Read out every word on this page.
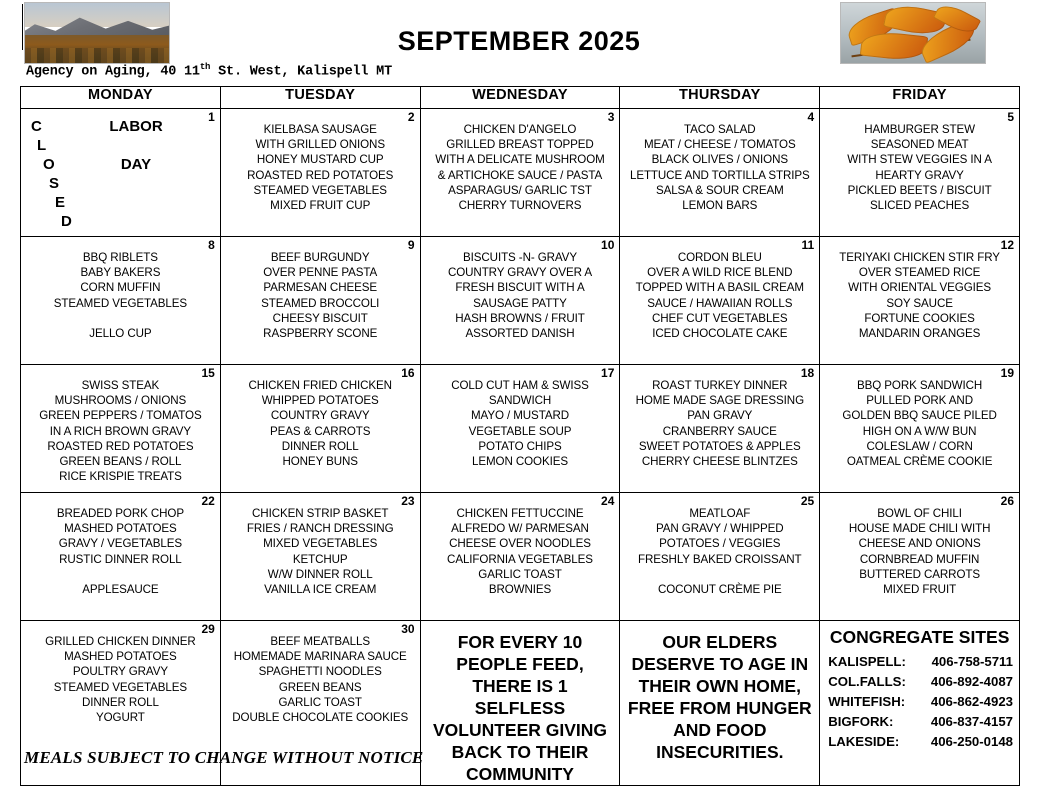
SEPTEMBER 2025
Agency on Aging, 40 11th St. West, Kalispell MT
MONDAY	TUESDAY	WEDNESDAY	THURSDAY	FRIDAY

1
C
L
O
S
E
D
LABOR
DAY

2
KIELBASA SAUSAGE
WITH GRILLED ONIONS
HONEY MUSTARD CUP
ROASTED RED POTATOES
STEAMED VEGETABLES
MIXED FRUIT CUP

3
CHICKEN D'ANGELO
GRILLED BREAST TOPPED
WITH A DELICATE MUSHROOM
& ARTICHOKE SAUCE / PASTA
ASPARAGUS/ GARLIC TST
CHERRY TURNOVERS

4
TACO SALAD
MEAT / CHEESE / TOMATOS
BLACK OLIVES / ONIONS
LETTUCE AND TORTILLA STRIPS
SALSA & SOUR CREAM
LEMON BARS

5
HAMBURGER STEW
SEASONED MEAT
WITH STEW VEGGIES IN A
HEARTY GRAVY
PICKLED BEETS / BISCUIT
SLICED PEACHES

8
BBQ RIBLETS
BABY BAKERS
CORN MUFFIN
STEAMED VEGETABLES

JELLO CUP

9
BEEF BURGUNDY
OVER PENNE PASTA
PARMESAN CHEESE
STEAMED BROCCOLI
CHEESY BISCUIT
RASPBERRY SCONE

10
BISCUITS -N- GRAVY
COUNTRY GRAVY OVER A
FRESH BISCUIT WITH A
SAUSAGE PATTY
HASH BROWNS / FRUIT
ASSORTED DANISH

11
CORDON BLEU
OVER A WILD RICE BLEND
TOPPED WITH A BASIL CREAM
SAUCE / HAWAIIAN ROLLS
CHEF CUT VEGETABLES
ICED CHOCOLATE CAKE

12
TERIYAKI CHICKEN STIR FRY
OVER STEAMED RICE
WITH ORIENTAL VEGGIES
SOY SAUCE
FORTUNE COOKIES
MANDARIN ORANGES

15
SWISS STEAK
MUSHROOMS / ONIONS
GREEN PEPPERS / TOMATOS
IN A RICH BROWN GRAVY
ROASTED RED POTATOES
GREEN BEANS / ROLL
RICE KRISPIE TREATS

16
CHICKEN FRIED CHICKEN
WHIPPED POTATOES
COUNTRY GRAVY
PEAS & CARROTS
DINNER ROLL
HONEY BUNS

17
COLD CUT HAM & SWISS
SANDWICH
MAYO / MUSTARD
VEGETABLE SOUP
POTATO CHIPS
LEMON COOKIES

18
ROAST TURKEY DINNER
HOME MADE SAGE DRESSING
PAN GRAVY
CRANBERRY SAUCE
SWEET POTATOES & APPLES
CHERRY CHEESE BLINTZES

19
BBQ PORK SANDWICH
PULLED PORK AND
GOLDEN BBQ SAUCE PILED
HIGH ON A W/W BUN
COLESLAW / CORN
OATMEAL CRÈME COOKIE

22
BREADED PORK CHOP
MASHED POTATOES
GRAVY / VEGETABLES
RUSTIC DINNER ROLL

APPLESAUCE

23
CHICKEN STRIP BASKET
FRIES / RANCH DRESSING
MIXED VEGETABLES
KETCHUP
W/W DINNER ROLL
VANILLA ICE CREAM

24
CHICKEN FETTUCCINE
ALFREDO W/ PARMESAN
CHEESE OVER NOODLES
CALIFORNIA VEGETABLES
GARLIC TOAST
BROWNIES

25
MEATLOAF
PAN GRAVY / WHIPPED
POTATOES / VEGGIES
FRESHLY BAKED CROISSANT

COCONUT CRÈME PIE

26
BOWL OF CHILI
HOUSE MADE CHILI WITH
CHEESE AND ONIONS
CORNBREAD MUFFIN
BUTTERED CARROTS
MIXED FRUIT

29
GRILLED CHICKEN DINNER
MASHED POTATOES
POULTRY GRAVY
STEAMED VEGETABLES
DINNER ROLL
YOGURT

30
BEEF MEATBALLS
HOMEMADE MARINARA SAUCE
SPAGHETTI NOODLES
GREEN BEANS
GARLIC TOAST
DOUBLE CHOCOLATE COOKIES

FOR EVERY 10 PEOPLE FEED, THERE IS 1 SELFLESS VOLUNTEER GIVING BACK TO THEIR COMMUNITY

OUR ELDERS DESERVE TO AGE IN THEIR OWN HOME, FREE FROM HUNGER AND FOOD INSECURITIES.

CONGREGATE SITES
KALISPELL: 406-758-5711
COL.FALLS: 406-892-4087
WHITEFISH: 406-862-4923
BIGFORK:	406-837-4157
LAKESIDE: 406-250-0148
MEALS SUBJECT TO CHANGE WITHOUT NOTICE
